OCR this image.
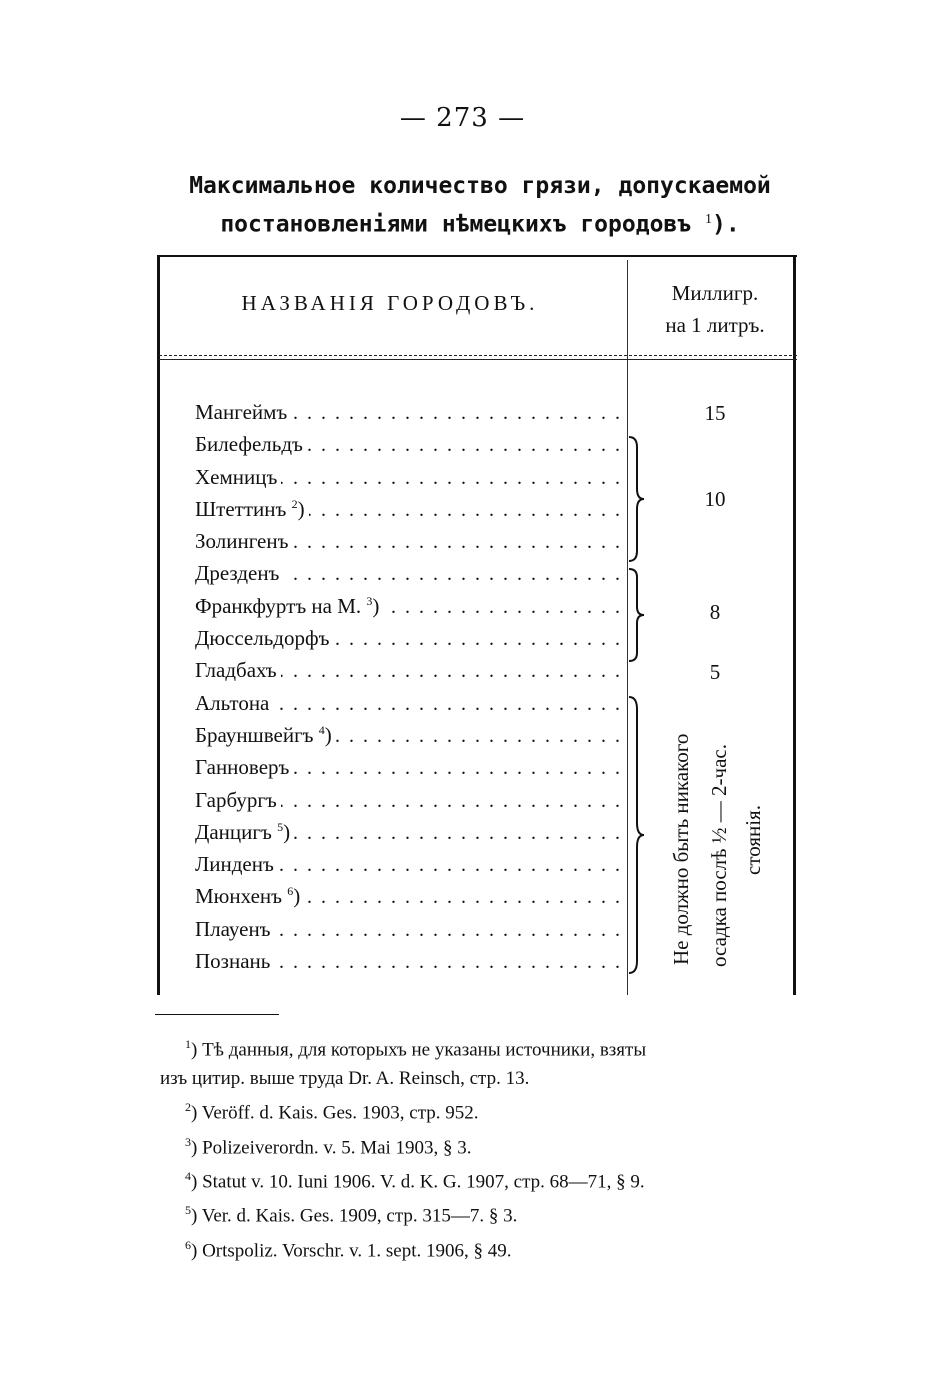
— 273 —
Максимальное количество грязи, допускаемой
постановленіями нѣмецкихъ городовъ $^1$).
НАЗВАНІЯ ГОРОДОВЪ.	Миллигр.
на 1 литръ.
Мангеймъ . . .
Билефельдъ . . .
Хемницъ . . .
Штеттинъ $^2$) . . .
Золингенъ . . .
Дрезденъ . . .
Франкфуртъ на М. $^3$) . . .
Дюссельдорфъ . . .
Гладбахъ . . .
Альтона . . .
Брауншвейгъ $^4$) . . .
Ганноверъ . . .
Гарбургъ . . .
Данцигъ $^5$) . . .
Линденъ . . .
Мюнхенъ $^6$) . . .
Плауенъ . . .
Познань . . .
15
10
8
5
Не должно быть никакого осадка послѣ ½ — 2-час. стоянія.
$^1$) Тѣ данныя, для которыхъ не указаны источники, взяты
изъ цитир. выше труда Dr. A. Reinsch, стр. 13.
$^2$) Veröff. d. Kais. Ges. 1903, стр. 952.
$^3$) Polizeiverordn. v. 5. Mai 1903, § 3.
$^4$) Statut v. 10. Iuni 1906. V. d. K. G. 1907, стр. 68—71, § 9.
$^5$) Ver. d. Kais. Ges. 1909, стр. 315—7. § 3.
$^6$) Ortspoliz. Vorschr. v. 1. sept. 1906, § 49.
